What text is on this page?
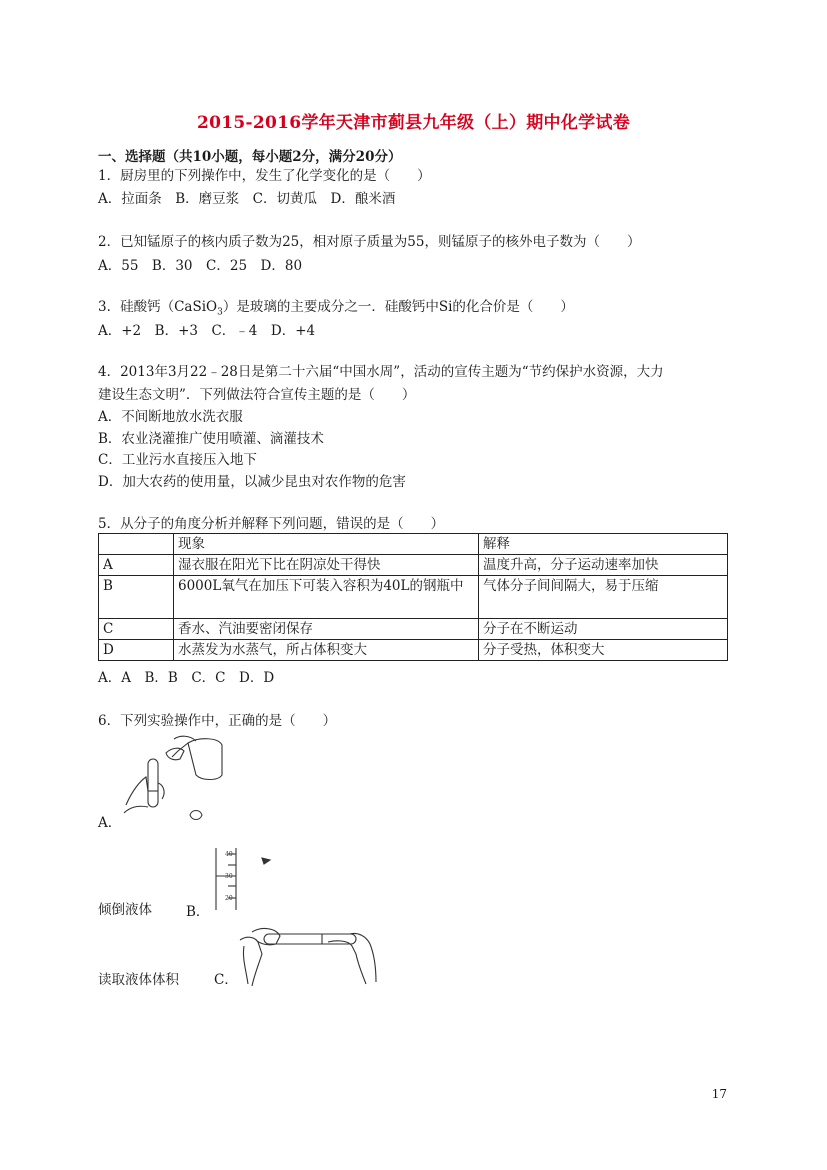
2015-2016学年天津市蓟县九年级（上）期中化学试卷
一、选择题（共10小题，每小题2分，满分20分）
1．厨房里的下列操作中，发生了化学变化的是（　　）
A．拉面条　B．磨豆浆　C．切黄瓜　D．酿米酒
2．已知锰原子的核内质子数为25，相对原子质量为55，则锰原子的核外电子数为（　　）
A．55　B．30　C．25　D．80
3．硅酸钙（CaSiO$_3$）是玻璃的主要成分之一．硅酸钙中Si的化合价是（　　）
A．+2　B．+3　C．﹣4　D．+4
4．2013年3月22﹣28日是第二十六届“中国水周”，活动的宣传主题为“节约保护水资源，大力
建设生态文明”．下列做法符合宣传主题的是（　　）
A．不间断地放水洗衣服
B．农业浇灌推广使用喷灌、滴灌技术
C．工业污水直接压入地下
D．加大农药的使用量，以减少昆虫对农作物的危害
5．从分子的角度分析并解释下列问题，错误的是（　　）
	现象	解释
A	湿衣服在阳光下比在阴凉处干得快	温度升高，分子运动速率加快
B	6000L氧气在加压下可装入容积为40L的钢瓶中	气体分子间间隔大，易于压缩
C	香水、汽油要密闭保存	分子在不断运动
D	水蒸发为水蒸气，所占体积变大	分子受热，体积变大
A．A　B．B　C．C　D．D
6．下列实验操作中，正确的是（　　）
A．
40
30
20
倾倒液体	B．
读取液体体积	C．
17
